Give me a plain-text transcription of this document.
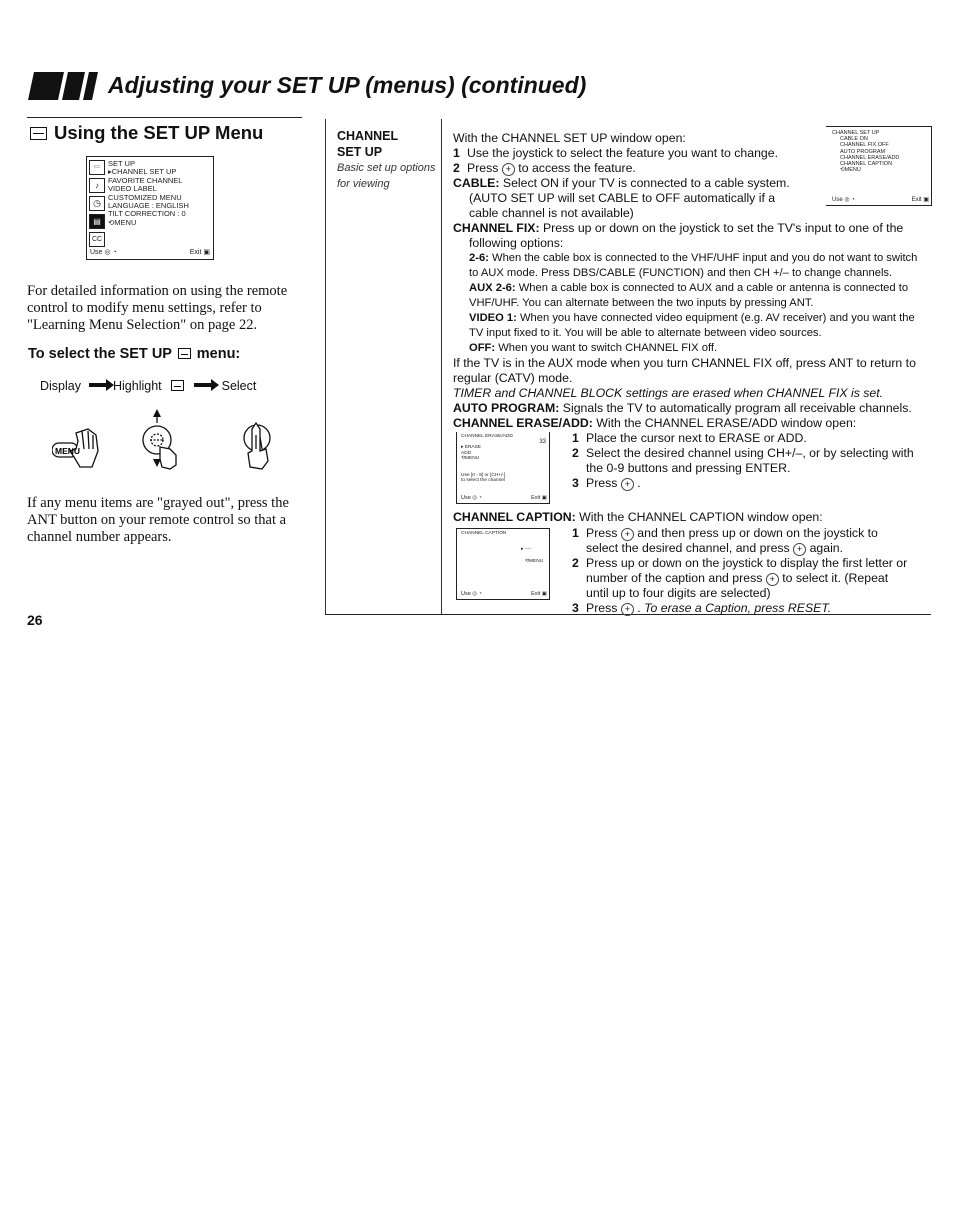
Adjusting your SET UP (menus) (continued)
Using the SET UP Menu
▭
♪
◷
▤
CC
SET UP
▸CHANNEL SET UP
FAVORITE CHANNEL
VIDEO LABEL
CUSTOMIZED MENU
LANGUAGE : ENGLISH
TILT CORRECTION : 0
⟲MENU
Use ◎ ◔	Exit ▣
For detailed information on using the remote control to modify menu settings, refer to "Learning Menu Selection" on page 22.
To select the SET UP menu:
Display	Highlight	Select
MENU
If any menu items are "grayed out", press the ANT button on your remote control so that a channel number appears.
26
CHANNEL
SET UP
Basic set up options
for viewing
CHANNEL SET UP
CABLE ON
CHANNEL FIX OFF
AUTO PROGRAM
CHANNEL ERASE/ADD
CHANNEL CAPTION
⟲MENU
Use ◎ ◔	Exit ▣
With the CHANNEL SET UP window open:
1 Use the joystick to select the feature you want to change.
2 Press + to access the feature.
CABLE: Select ON if your TV is connected to a cable system.
(AUTO SET UP will set CABLE to OFF automatically if a
cable channel is not available)
CHANNEL FIX: Press up or down on the joystick to set the TV's input to one of the
following options:
2-6: When the cable box is connected to the VHF/UHF input and you do not want to switch
to AUX mode. Press DBS/CABLE (FUNCTION) and then CH +/– to change channels.
AUX 2-6: When a cable box is connected to AUX and a cable or antenna is connected to
VHF/UHF. You can alternate between the two inputs by pressing ANT.
VIDEO 1: When you have connected video equipment (e.g. AV receiver) and you want the
TV input fixed to it. You will be able to alternate between video sources.
OFF: When you want to switch CHANNEL FIX off.
If the TV is in the AUX mode when you turn CHANNEL FIX off, press ANT to return to
regular (CATV) mode.
TIMER and CHANNEL BLOCK settings are erased when CHANNEL FIX is set.
AUTO PROGRAM: Signals the TV to automatically program all receivable channels.
CHANNEL ERASE/ADD: With the CHANNEL ERASE/ADD window open:
CHANNEL ERASE/ADD

▸ ERASE
ADD
⟲MENU

Use [0 - 9] or [CH+/-]
to select the channel
33
Use ◎ ◔	Exit ▣
1 Place the cursor next to ERASE or ADD.
2 Select the desired channel using CH+/–, or by selecting with
the 0-9 buttons and pressing ENTER.
3 Press + .
CHANNEL CAPTION: With the CHANNEL CAPTION window open:
CHANNEL CAPTION
▸ ----
⟲MENU
Use ◎ ◔	Exit ▣
1 Press + and then press up or down on the joystick to
select the desired channel, and press + again.
2 Press up or down on the joystick to display the first letter or
number of the caption and press + to select it. (Repeat
until up to four digits are selected)
3 Press + . To erase a Caption, press RESET.
